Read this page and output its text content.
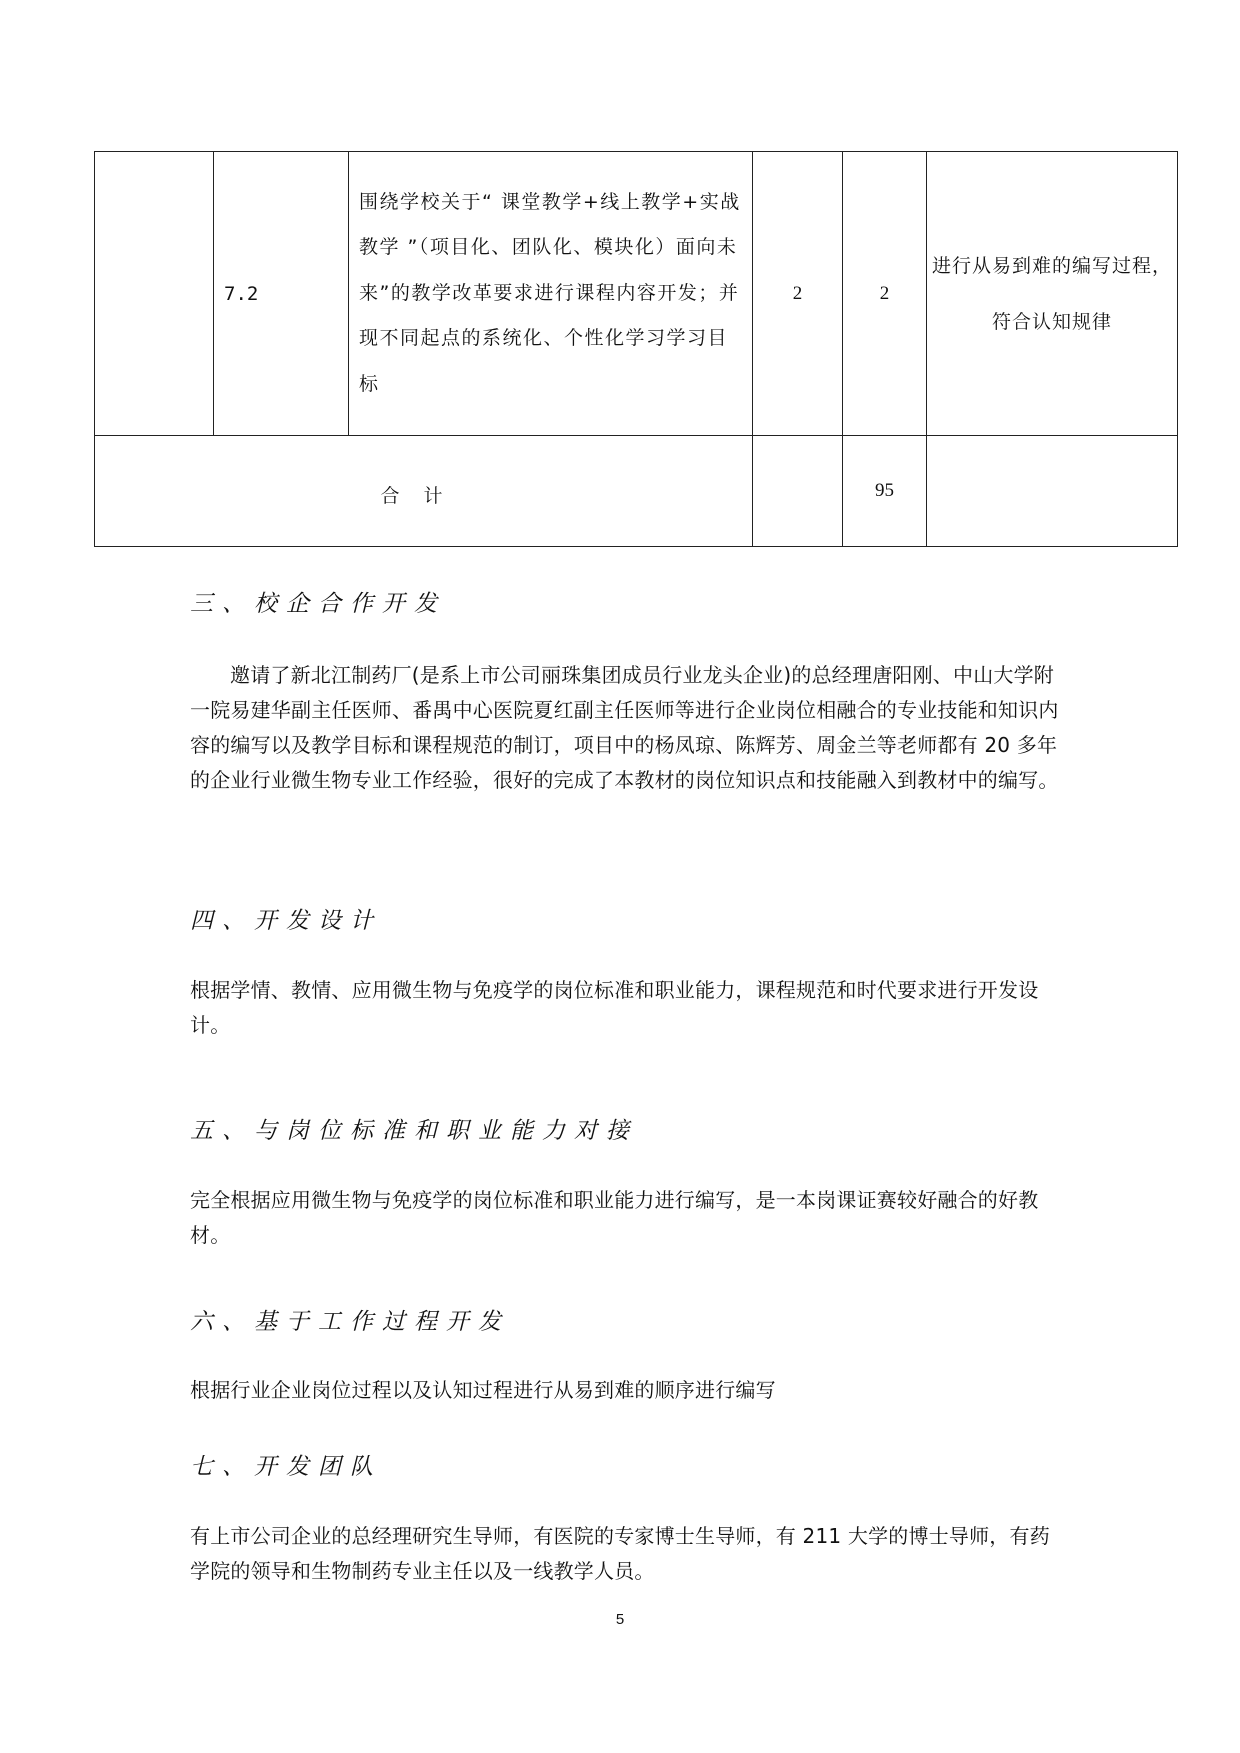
	7.2	围绕学校关于“ 课堂教学+线上教学+实战教学 ”（项目化、团队化、模块化）面向未来”的教学改革要求进行课程内容开发；并现不同起点的系统化、个性化学习学习目标	2	2	进行从易到难的编写过程，符合认知规律
合计				95	
三、校企合作开发

邀请了新北江制药厂(是系上市公司丽珠集团成员行业龙头企业)的总经理唐阳刚、中山大学附一院易建华副主任医师、番禺中心医院夏红副主任医师等进行企业岗位相融合的专业技能和知识内容的编写以及教学目标和课程规范的制订，项目中的杨凤琼、陈辉芳、周金兰等老师都有 20 多年的企业行业微生物专业工作经验，很好的完成了本教材的岗位知识点和技能融入到教材中的编写。

四、开发设计

根据学情、教情、应用微生物与免疫学的岗位标准和职业能力，课程规范和时代要求进行开发设计。

五、与岗位标准和职业能力对接

完全根据应用微生物与免疫学的岗位标准和职业能力进行编写，是一本岗课证赛较好融合的好教材。

六、基于工作过程开发

根据行业企业岗位过程以及认知过程进行从易到难的顺序进行编写

七、开发团队

有上市公司企业的总经理研究生导师，有医院的专家博士生导师，有 211 大学的博士导师，有药学院的领导和生物制药专业主任以及一线教学人员。

5
